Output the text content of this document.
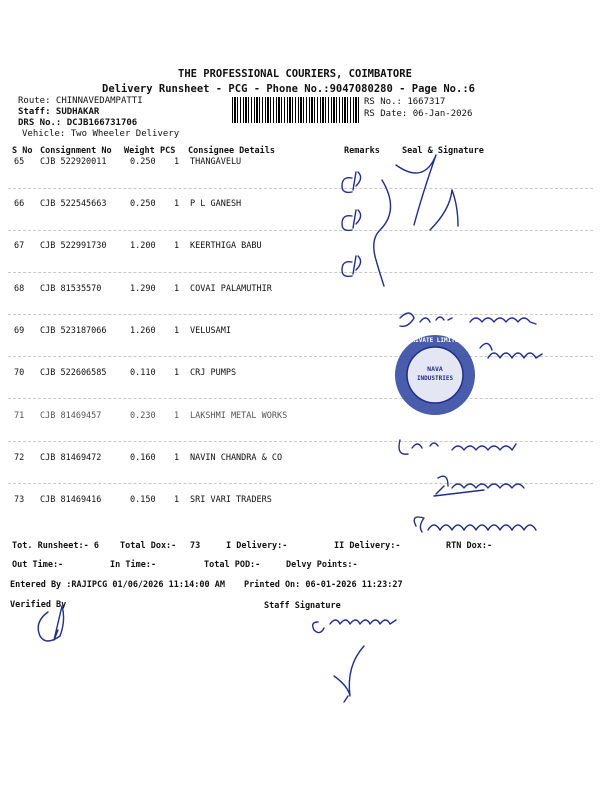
THE PROFESSIONAL COURIERS, COIMBATORE
Delivery Runsheet - PCG - Phone No.:9047080280 - Page No.:6
Route: CHINNAVEDAMPATTI
Staff: SUDHAKAR
DRS No.: DCJB166731706
Vehicle: Two Wheeler Delivery
RS No.: 1667317
RS Date: 06-Jan-2026
S No Consignment No Weight PCS Consignee Details	Remarks	Seal & Signature
65 CJB 522920011	0.250 1 THANGAVELU
66 CJB 522545663	0.250 1 P L GANESH
67 CJB 522991730	1.200 1 KEERTHIGA BABU
68 CJB 81535570	1.290 1 COVAI PALAMUTHIR
69 CJB 523187066	1.260 1 VELUSAMI
70 CJB 522606585	0.110 1 CRJ PUMPS
71 CJB 81469457	0.230 1 LAKSHMI METAL WORKS
72 CJB 81469472	0.160 1 NAVIN CHANDRA & CO
73 CJB 81469416	0.150 1 SRI VARI TRADERS
Tot. Runsheet:- 6 Total Dox:- 73	I Delivery:-	II Delivery:-	RTN Dox:-
Out Time:-	In Time:-	Total POD:-	Delvy Points:-
Entered By :RAJIPCG 01/06/2026 11:14:00 AM Printed On: 06-01-2026 11:23:27
Verified By	Staff Signature
PRIVATE LIMITED
NAVA
INDUSTRIES
